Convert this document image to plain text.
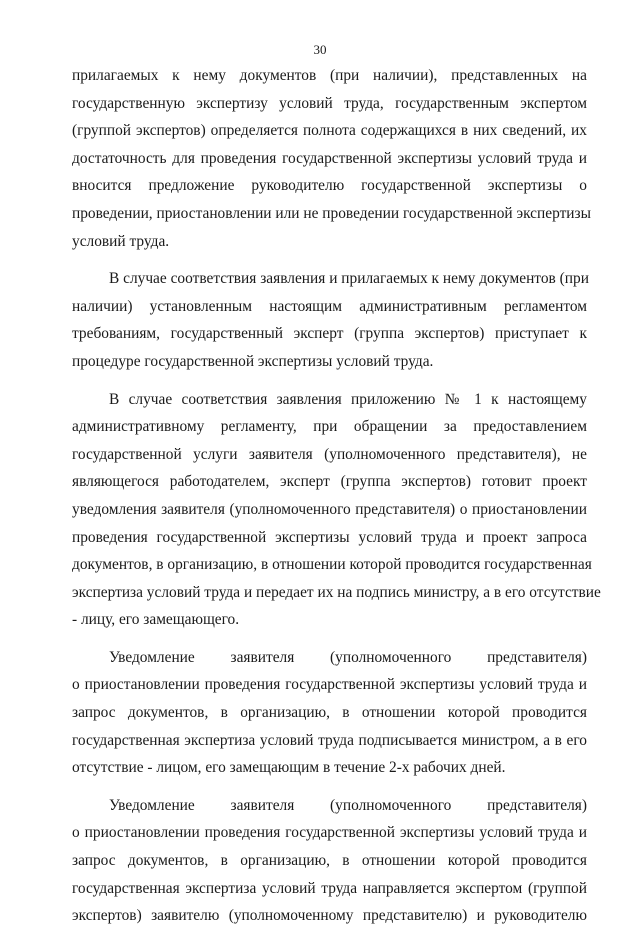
30
прилагаемых к нему документов (при наличии), представленных на
государственную экспертизу условий труда, государственным экспертом
(группой экспертов) определяется полнота содержащихся в них сведений, их
достаточность для проведения государственной экспертизы условий труда и
вносится предложение руководителю государственной экспертизы о
проведении, приостановлении или не проведении государственной экспертизы
условий труда.
В случае соответствия заявления и прилагаемых к нему документов (при
наличии) установленным настоящим административным регламентом
требованиям, государственный эксперт (группа экспертов) приступает к
процедуре государственной экспертизы условий труда.
В случае соответствия заявления приложению № 1 к настоящему
административному регламенту, при обращении за предоставлением
государственной услуги заявителя (уполномоченного представителя), не
являющегося работодателем, эксперт (группа экспертов) готовит проект
уведомления заявителя (уполномоченного представителя) о приостановлении
проведения государственной экспертизы условий труда и проект запроса
документов, в организацию, в отношении которой проводится государственная
экспертиза условий труда и передает их на подпись министру, а в его отсутствие
- лицу, его замещающего.
Уведомление заявителя (уполномоченного представителя)
о приостановлении проведения государственной экспертизы условий труда и
запрос документов, в организацию, в отношении которой проводится
государственная экспертиза условий труда подписывается министром, а в его
отсутствие - лицом, его замещающим в течение 2-х рабочих дней.
Уведомление заявителя (уполномоченного представителя)
о приостановлении проведения государственной экспертизы условий труда и
запрос документов, в организацию, в отношении которой проводится
государственная экспертиза условий труда направляется экспертом (группой
экспертов) заявителю (уполномоченному представителю) и руководителю
